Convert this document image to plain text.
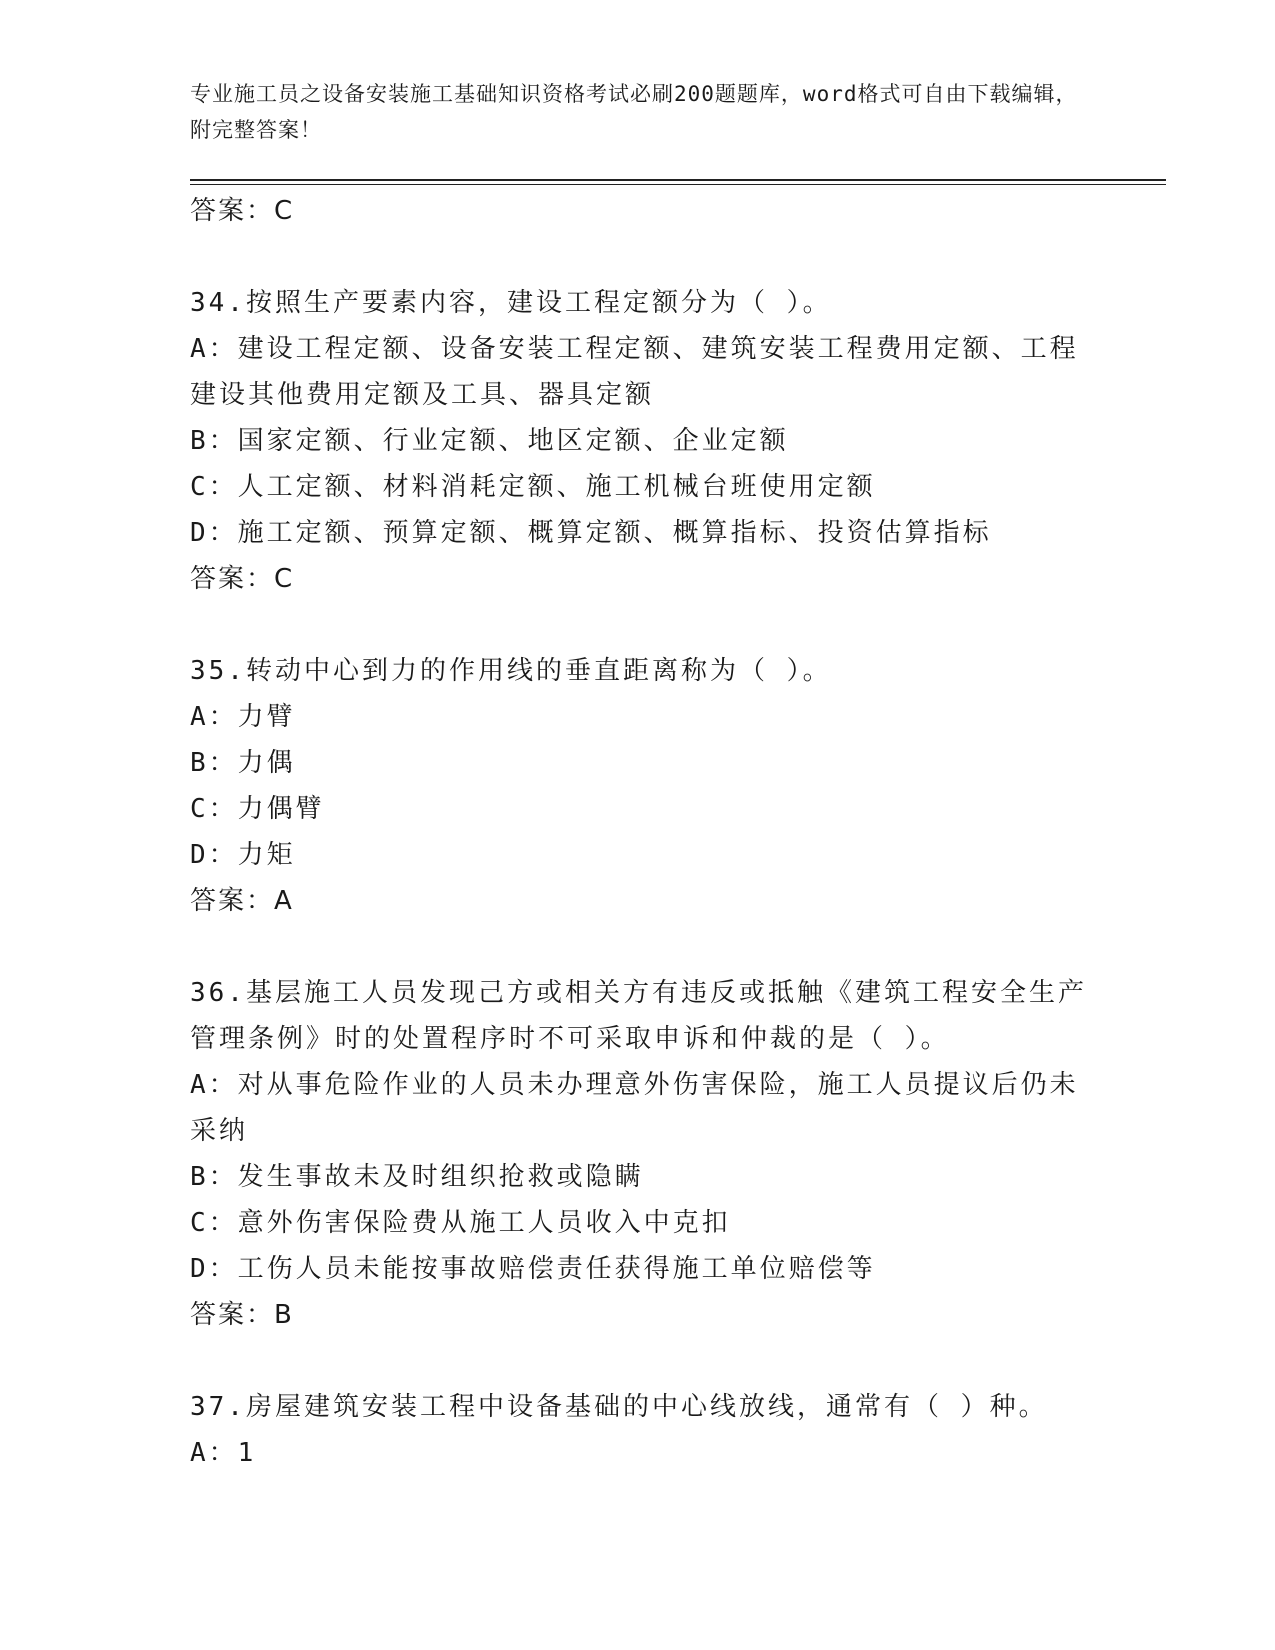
专业施工员之设备安装施工基础知识资格考试必刷200题题库，word格式可自由下载编辑，附完整答案！

答案：C

34.按照生产要素内容，建设工程定额分为（ ）。

A：建设工程定额、设备安装工程定额、建筑安装工程费用定额、工程建设其他费用定额及工具、器具定额

B：国家定额、行业定额、地区定额、企业定额

C：人工定额、材料消耗定额、施工机械台班使用定额

D：施工定额、预算定额、概算定额、概算指标、投资估算指标

答案：C

35.转动中心到力的作用线的垂直距离称为（ ）。

A：力臂

B：力偶

C：力偶臂

D：力矩

答案：A

36.基层施工人员发现己方或相关方有违反或抵触《建筑工程安全生产管理条例》时的处置程序时不可采取申诉和仲裁的是（ ）。

A：对从事危险作业的人员未办理意外伤害保险，施工人员提议后仍未采纳

B：发生事故未及时组织抢救或隐瞒

C：意外伤害保险费从施工人员收入中克扣

D：工伤人员未能按事故赔偿责任获得施工单位赔偿等

答案：B

37.房屋建筑安装工程中设备基础的中心线放线，通常有（ ）种。

A：1
